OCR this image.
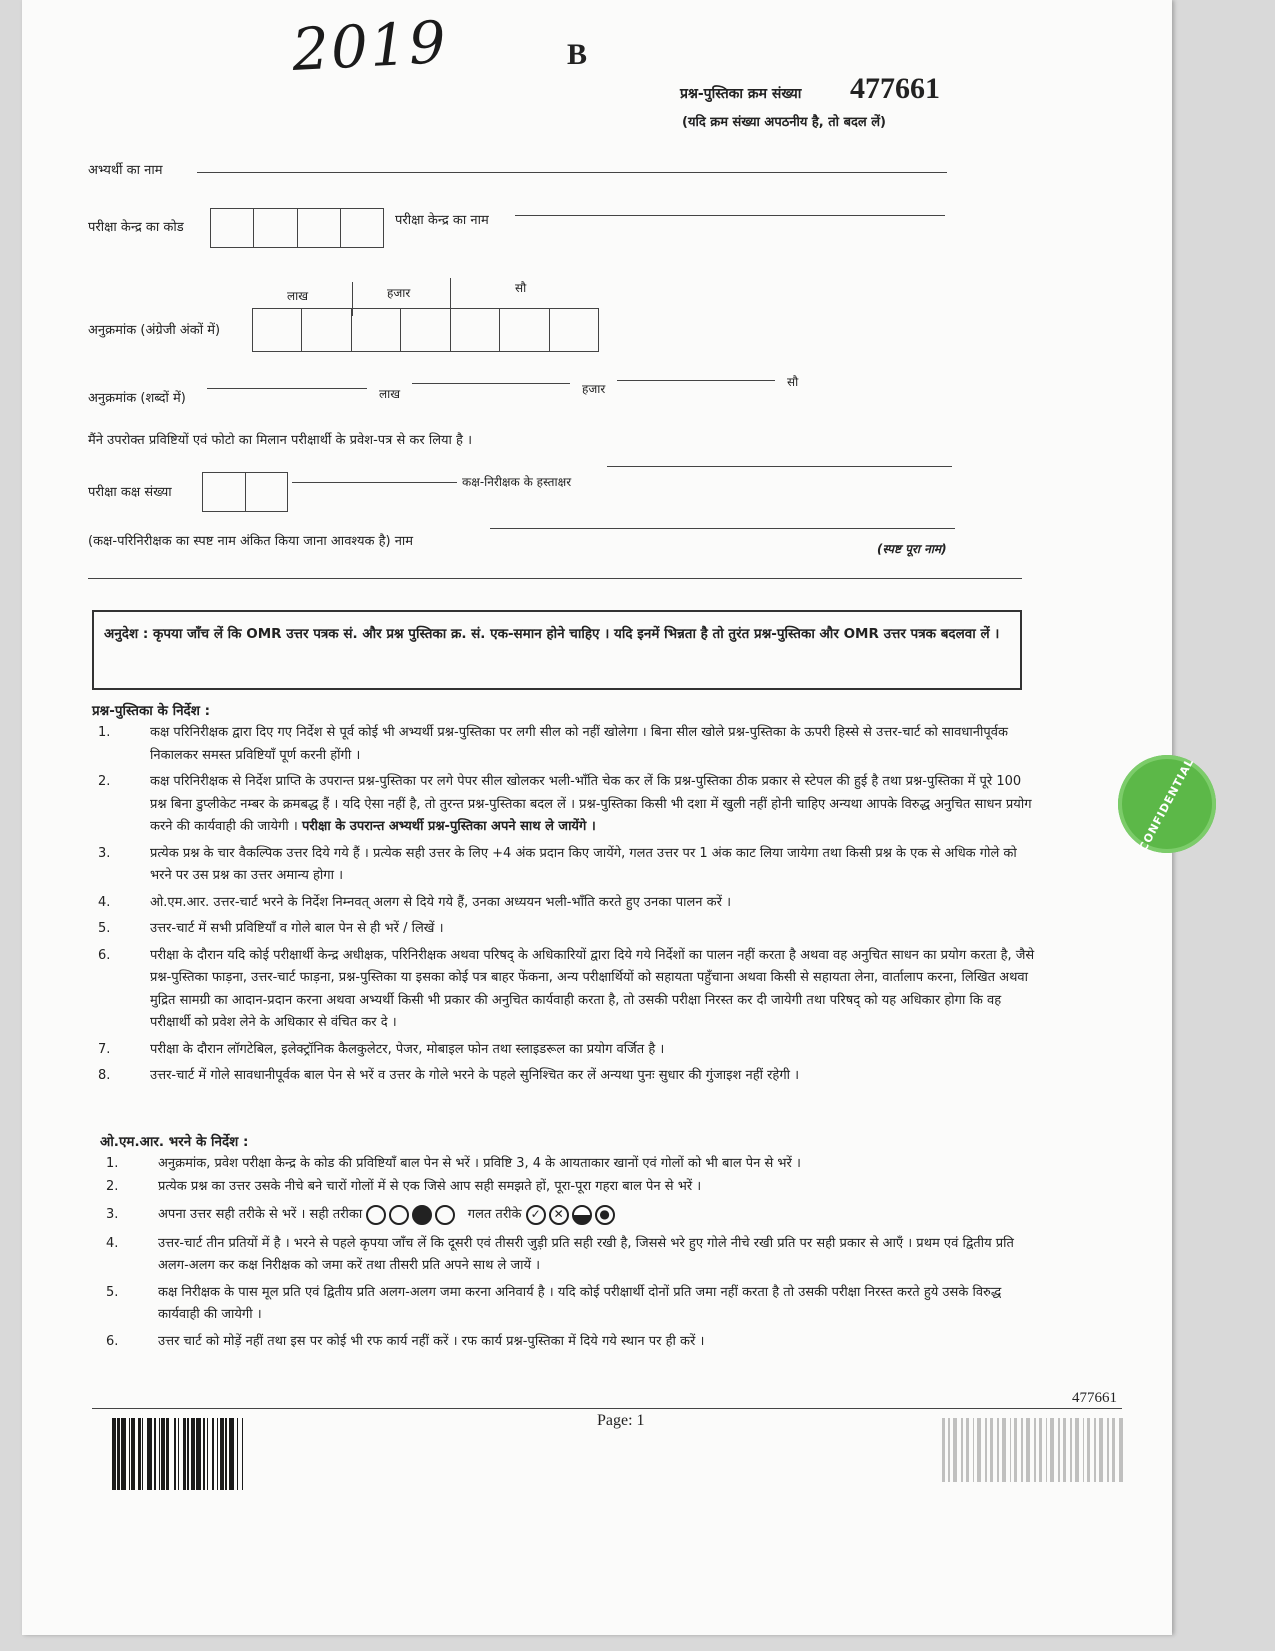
2019	B
प्रश्न-पुस्तिका क्रम संख्या 477661
(यदि क्रम संख्या अपठनीय है, तो बदल लें)
अभ्यर्थी का नाम
परीक्षा केन्द्र का कोड	परीक्षा केन्द्र का नाम
लाख	हजार	सौ
अनुक्रमांक (अंग्रेजी अंकों में)
अनुक्रमांक (शब्दों में)	लाख	हजार	सौ
मैंने उपरोक्त प्रविष्टियों एवं फोटो का मिलान परीक्षार्थी के प्रवेश-पत्र से कर लिया है ।
परीक्षा कक्ष संख्या
कक्ष-निरीक्षक के हस्ताक्षर
(कक्ष-परिनिरीक्षक का स्पष्ट नाम अंकित किया जाना आवश्यक है) नाम	(स्पष्ट पूरा नाम)
अनुदेश : कृपया जाँच लें कि OMR उत्तर पत्रक सं. और प्रश्न पुस्तिका क्र. सं. एक-समान होने चाहिए । यदि इनमें भिन्नता है तो तुरंत प्रश्न-पुस्तिका और OMR उत्तर पत्रक बदलवा लें ।
प्रश्न-पुस्तिका के निर्देश :
1.	कक्ष परिनिरीक्षक द्वारा दिए गए निर्देश से पूर्व कोई भी अभ्यर्थी प्रश्न-पुस्तिका पर लगी सील को नहीं खोलेगा । बिना सील खोले प्रश्न-पुस्तिका के ऊपरी हिस्से से उत्तर-चार्ट को सावधानीपूर्वक निकालकर समस्त प्रविष्टियाँ पूर्ण करनी होंगी ।
2.	कक्ष परिनिरीक्षक से निर्देश प्राप्ति के उपरान्त प्रश्न-पुस्तिका पर लगे पेपर सील खोलकर भली-भाँति चेक कर लें कि प्रश्न-पुस्तिका ठीक प्रकार से स्टेपल की हुई है तथा प्रश्न-पुस्तिका में पूरे 100 प्रश्न बिना डुप्लीकेट नम्बर के क्रमबद्ध हैं । यदि ऐसा नहीं है, तो तुरन्त प्रश्न-पुस्तिका बदल लें । प्रश्न-पुस्तिका किसी भी दशा में खुली नहीं होनी चाहिए अन्यथा आपके विरुद्ध अनुचित साधन प्रयोग करने की कार्यवाही की जायेगी । परीक्षा के उपरान्त अभ्यर्थी प्रश्न-पुस्तिका अपने साथ ले जायेंगे ।
3.	प्रत्येक प्रश्न के चार वैकल्पिक उत्तर दिये गये हैं । प्रत्येक सही उत्तर के लिए +4 अंक प्रदान किए जायेंगे, गलत उत्तर पर 1 अंक काट लिया जायेगा तथा किसी प्रश्न के एक से अधिक गोले को भरने पर उस प्रश्न का उत्तर अमान्य होगा ।
4.	ओ.एम.आर. उत्तर-चार्ट भरने के निर्देश निम्नवत् अलग से दिये गये हैं, उनका अध्ययन भली-भाँति करते हुए उनका पालन करें ।
5.	उत्तर-चार्ट में सभी प्रविष्टियाँ व गोले बाल पेन से ही भरें / लिखें ।
6.	परीक्षा के दौरान यदि कोई परीक्षार्थी केन्द्र अधीक्षक, परिनिरीक्षक अथवा परिषद् के अधिकारियों द्वारा दिये गये निर्देशों का पालन नहीं करता है अथवा वह अनुचित साधन का प्रयोग करता है, जैसे प्रश्न-पुस्तिका फाड़ना, उत्तर-चार्ट फाड़ना, प्रश्न-पुस्तिका या इसका कोई पत्र बाहर फेंकना, अन्य परीक्षार्थियों को सहायता पहुँचाना अथवा किसी से सहायता लेना, वार्तालाप करना, लिखित अथवा मुद्रित सामग्री का आदान-प्रदान करना अथवा अभ्यर्थी किसी भी प्रकार की अनुचित कार्यवाही करता है, तो उसकी परीक्षा निरस्त कर दी जायेगी तथा परिषद् को यह अधिकार होगा कि वह परीक्षार्थी को प्रवेश लेने के अधिकार से वंचित कर दे ।
7.	परीक्षा के दौरान लॉगटेबिल, इलेक्ट्रॉनिक कैलकुलेटर, पेजर, मोबाइल फोन तथा स्लाइडरूल का प्रयोग वर्जित है ।
8.	उत्तर-चार्ट में गोले सावधानीपूर्वक बाल पेन से भरें व उत्तर के गोले भरने के पहले सुनिश्चित कर लें अन्यथा पुनः सुधार की गुंजाइश नहीं रहेगी ।
ओ.एम.आर. भरने के निर्देश :
1.	अनुक्रमांक, प्रवेश परीक्षा केन्द्र के कोड की प्रविष्टियाँ बाल पेन से भरें । प्रविष्टि 3, 4 के आयताकार खानों एवं गोलों को भी बाल पेन से भरें ।
2.	प्रत्येक प्रश्न का उत्तर उसके नीचे बने चारों गोलों में से एक जिसे आप सही समझते हों, पूरा-पूरा गहरा बाल पेन से भरें ।
3.	अपना उत्तर सही तरीके से भरें । सही तरीका	गलत तरीके ✓	✕	●
4.	उत्तर-चार्ट तीन प्रतियों में है । भरने से पहले कृपया जाँच लें कि दूसरी एवं तीसरी जुड़ी प्रति सही रखी है, जिससे भरे हुए गोले नीचे रखी प्रति पर सही प्रकार से आएँ । प्रथम एवं द्वितीय प्रति अलग-अलग कर कक्ष निरीक्षक को जमा करें तथा तीसरी प्रति अपने साथ ले जायें ।
5.	कक्ष निरीक्षक के पास मूल प्रति एवं द्वितीय प्रति अलग-अलग जमा करना अनिवार्य है । यदि कोई परीक्षार्थी दोनों प्रति जमा नहीं करता है तो उसकी परीक्षा निरस्त करते हुये उसके विरुद्ध कार्यवाही की जायेगी ।
6.	उत्तर चार्ट को मोड़ें नहीं तथा इस पर कोई भी रफ कार्य नहीं करें । रफ कार्य प्रश्न-पुस्तिका में दिये गये स्थान पर ही करें ।
Page: 1
477661
CONFIDENTIAL
